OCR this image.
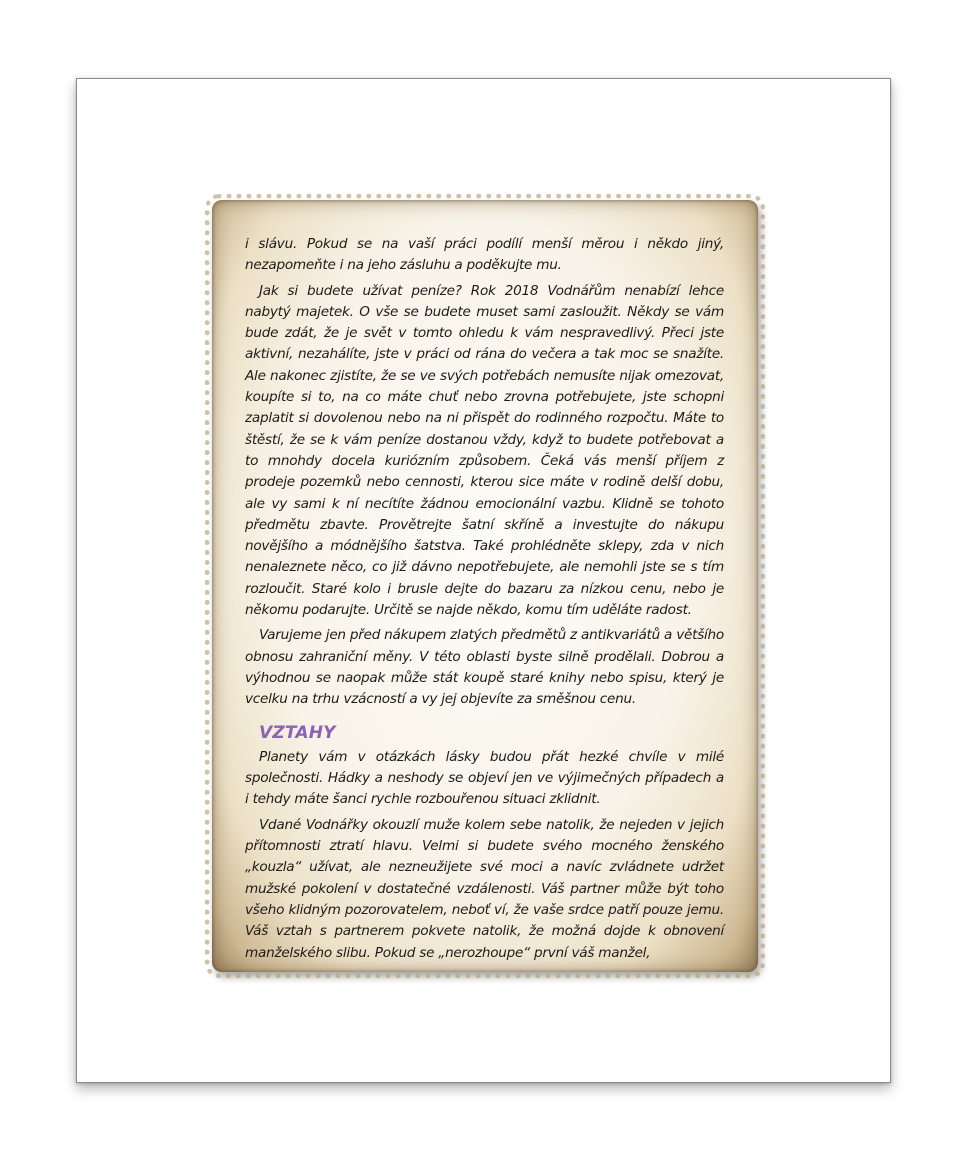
i slávu. Pokud se na vaší práci podílí menší měrou i někdo jiný, nezapomeňte i na jeho zásluhu a poděkujte mu.

Jak si budete užívat peníze? Rok 2018 Vodnářům nenabízí lehce nabytý majetek. O vše se budete muset sami zasloužit. Někdy se vám bude zdát, že je svět v tomto ohledu k vám nespravedlivý. Přeci jste aktivní, nezahálíte, jste v práci od rána do večera a tak moc se snažíte. Ale nakonec zjistíte, že se ve svých potřebách nemusíte nijak omezovat, koupíte si to, na co máte chuť nebo zrovna potřebujete, jste schopni zaplatit si dovolenou nebo na ni přispět do rodinného rozpočtu. Máte to štěstí, že se k vám peníze dostanou vždy, když to budete potřebovat a to mnohdy docela kuriózním způsobem. Čeká vás menší příjem z prodeje pozemků nebo cennosti, kterou sice máte v rodině delší dobu, ale vy sami k ní necítíte žádnou emocionální vazbu. Klidně se tohoto předmětu zbavte. Provětrejte šatní skříně a investujte do nákupu novějšího a módnějšího šatstva. Také prohlédněte sklepy, zda v nich nenaleznete něco, co již dávno nepotřebujete, ale nemohli jste se s tím rozloučit. Staré kolo i brusle dejte do bazaru za nízkou cenu, nebo je někomu podarujte. Určitě se najde někdo, komu tím uděláte radost.

Varujeme jen před nákupem zlatých předmětů z antikvariátů a většího obnosu zahraniční měny. V této oblasti byste silně prodělali. Dobrou a výhodnou se naopak může stát koupě staré knihy nebo spisu, který je vcelku na trhu vzácností a vy jej objevíte za směšnou cenu.

VZTAHY

Planety vám v otázkách lásky budou přát hezké chvíle v milé společnosti. Hádky a neshody se objeví jen ve výjimečných případech a i tehdy máte šanci rychle rozbouřenou situaci zklidnit.

Vdané Vodnářky okouzlí muže kolem sebe natolik, že nejeden v jejich přítomnosti ztratí hlavu. Velmi si budete svého mocného ženského „kouzla“ užívat, ale nezneužijete své moci a navíc zvládnete udržet mužské pokolení v dostatečné vzdálenosti. Váš partner může být toho všeho klidným pozorovatelem, neboť ví, že vaše srdce patří pouze jemu. Váš vztah s partnerem pokvete natolik, že možná dojde k obnovení manželského slibu. Pokud se „nerozhoupe“ první váš manžel,
